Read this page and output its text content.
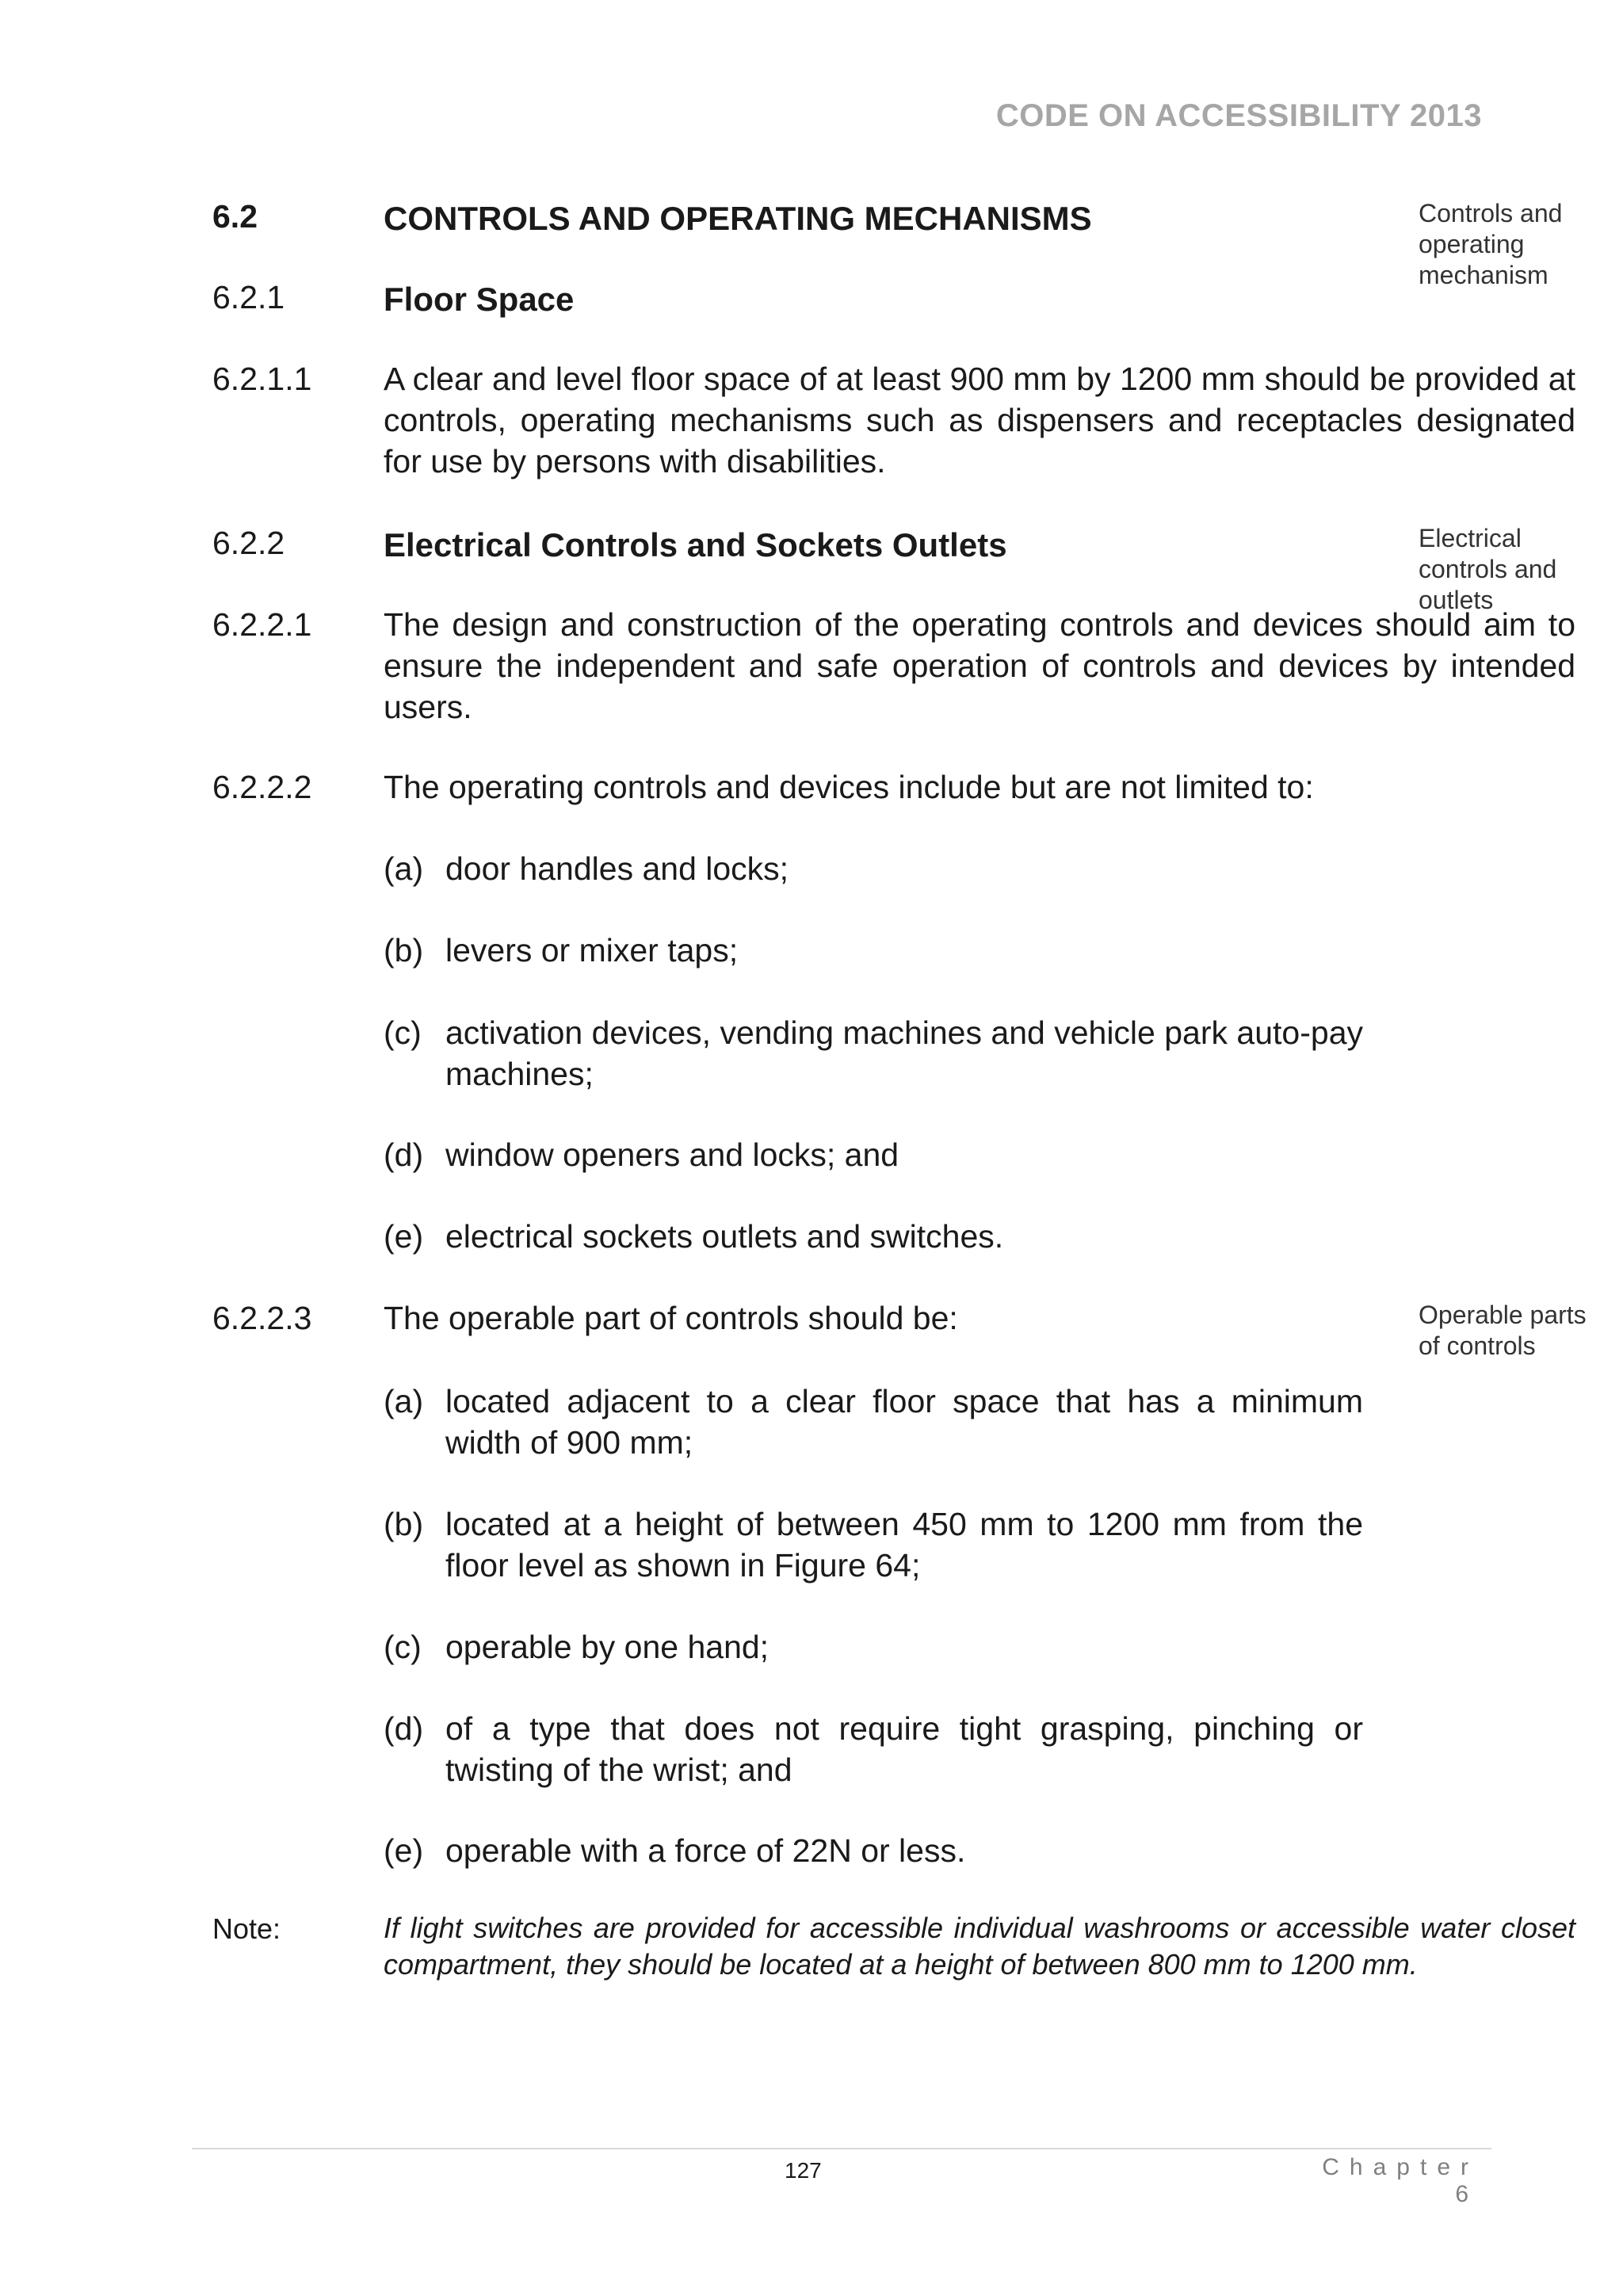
CODE ON ACCESSIBILITY 2013
6.2	CONTROLS AND OPERATING MECHANISMS	Controls and operating mechanism
6.2.1	Floor Space
6.2.1.1 A clear and level floor space of at least 900 mm by 1200 mm should be provided at controls, operating mechanisms such as dispensers and receptacles designated for use by persons with disabilities.
6.2.2	Electrical Controls and Sockets Outlets	Electrical controls and outlets
6.2.2.1 The design and construction of the operating controls and devices should aim to ensure the independent and safe operation of controls and devices by intended users.
6.2.2.2 The operating controls and devices include but are not limited to:
(a) door handles and locks;
(b) levers or mixer taps;
(c) activation devices, vending machines and vehicle park auto-pay machines;
(d) window openers and locks; and
(e) electrical sockets outlets and switches.
6.2.2.3 The operable part of controls should be:	Operable parts of controls
(a) located adjacent to a clear floor space that has a minimum width of 900 mm;
(b) located at a height of between 450 mm to 1200 mm from the floor level as shown in Figure 64;
(c) operable by one hand;
(d) of a type that does not require tight grasping, pinching or twisting of the wrist; and
(e) operable with a force of 22N or less.
Note:	If light switches are provided for accessible individual washrooms or accessible water closet compartment, they should be located at a height of between 800 mm to 1200 mm.
127	Chapter 6
